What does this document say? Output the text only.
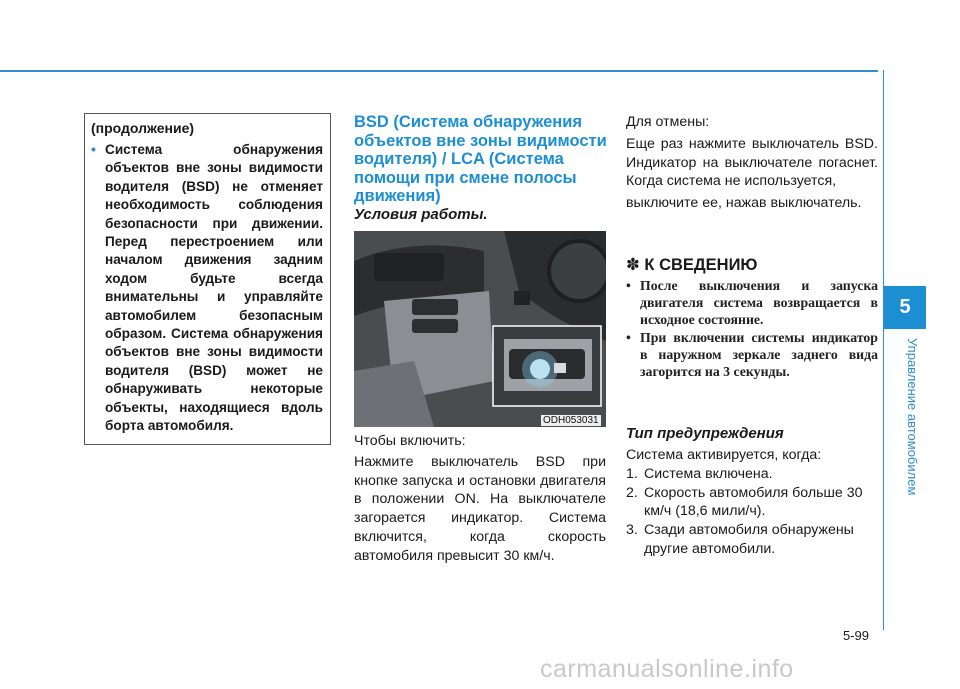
5
Управление автомобилем
(продолжение)
• Система обнаружения объектов вне зоны видимости водителя (BSD) не отменяет необходимость соблюдения безопасности при движении. Перед перестроением или началом движения задним ходом будьте всегда внимательны и управляйте автомобилем безопасным образом. Система обнаружения объектов вне зоны видимости водителя (BSD) может не обнаруживать некоторые объекты, находящиеся вдоль борта автомобиля.
BSD (Система обнаружения объектов вне зоны видимости водителя) / LCA (Система помощи при смене полосы движения)
Условия работы.
ODH053031

Чтобы включить:

Нажмите выключатель BSD при кнопке запуска и остановки двигателя в положении ON. На выключателе загорается индикатор. Система включится, когда скорость автомобиля превысит 30 км/ч.

Для отмены:

Еще раз нажмите выключатель BSD. Индикатор на выключателе погаснет. Когда система не используется,

выключите ее, нажав выключатель.

✽ К СВЕДЕНИЮ
• После выключения и запуска двигателя система возвращается в исходное состояние.
• При включении системы индикатор в наружном зеркале заднего вида загорится на 3 секунды.
Тип предупреждения
Система активируется, когда:
1. Система включена.
2. Скорость автомобиля больше 30 км/ч (18,6 мили/ч).
3. Сзади автомобиля обнаружены другие автомобили.
5-99
carmanualsonline.info
